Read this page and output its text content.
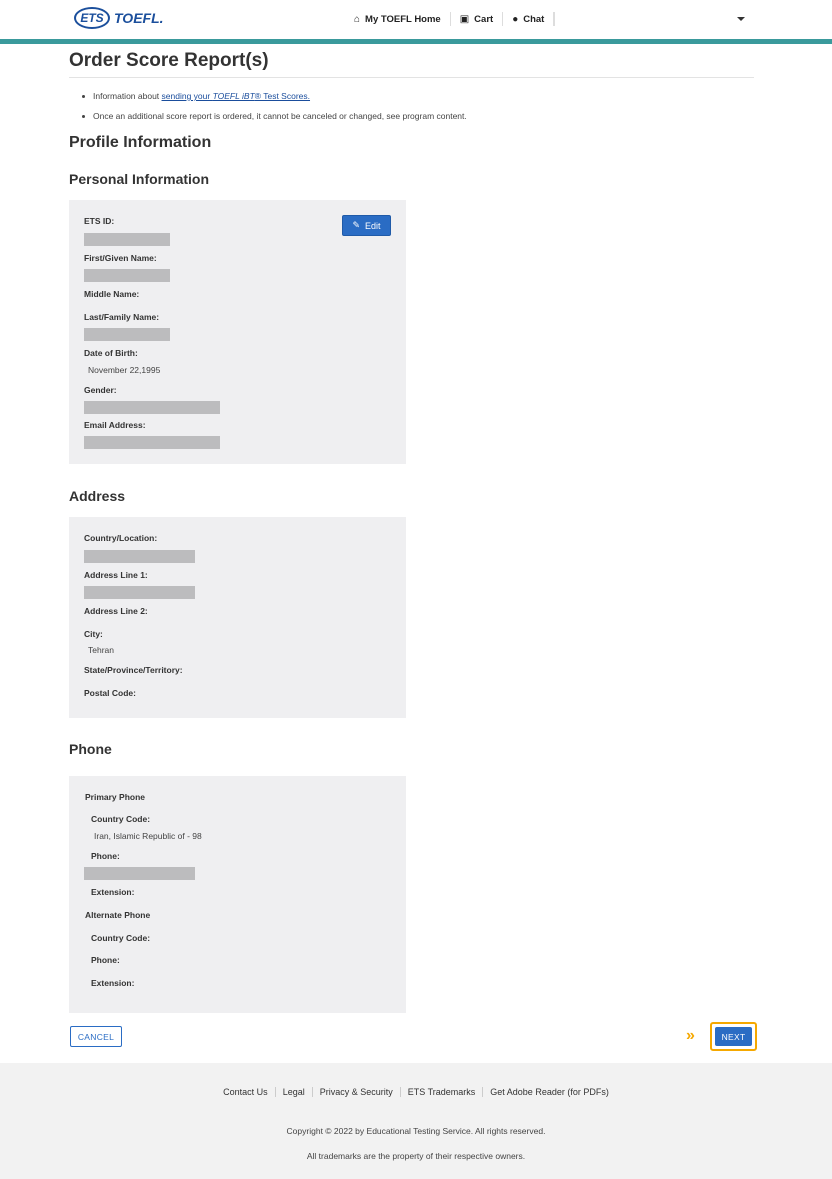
ETS TOEFL.	⌂ My TOEFL Home ▣ Cart ● Chat
Order Score Report(s)
Information about sending your TOEFL iBT® Test Scores.
Once an additional score report is ordered, it cannot be canceled or changed, see program content.
Profile Information
Personal Information
✎ Edit
ETS ID:
First/Given Name:
Middle Name:
Last/Family Name:
Date of Birth:
November 22,1995
Gender:
Email Address:
Address
Country/Location:
Address Line 1:
Address Line 2:
City:
Tehran
State/Province/Territory:
Postal Code:
Phone
Primary Phone
Country Code:
Iran, Islamic Republic of - 98
Phone:
Extension:
Alternate Phone
Country Code:
Phone:
Extension:
CANCEL	»	NEXT
Contact Us	Legal	Privacy & Security	ETS Trademarks	Get Adobe Reader (for PDFs)
Copyright © 2022 by Educational Testing Service. All rights reserved.
All trademarks are the property of their respective owners.
